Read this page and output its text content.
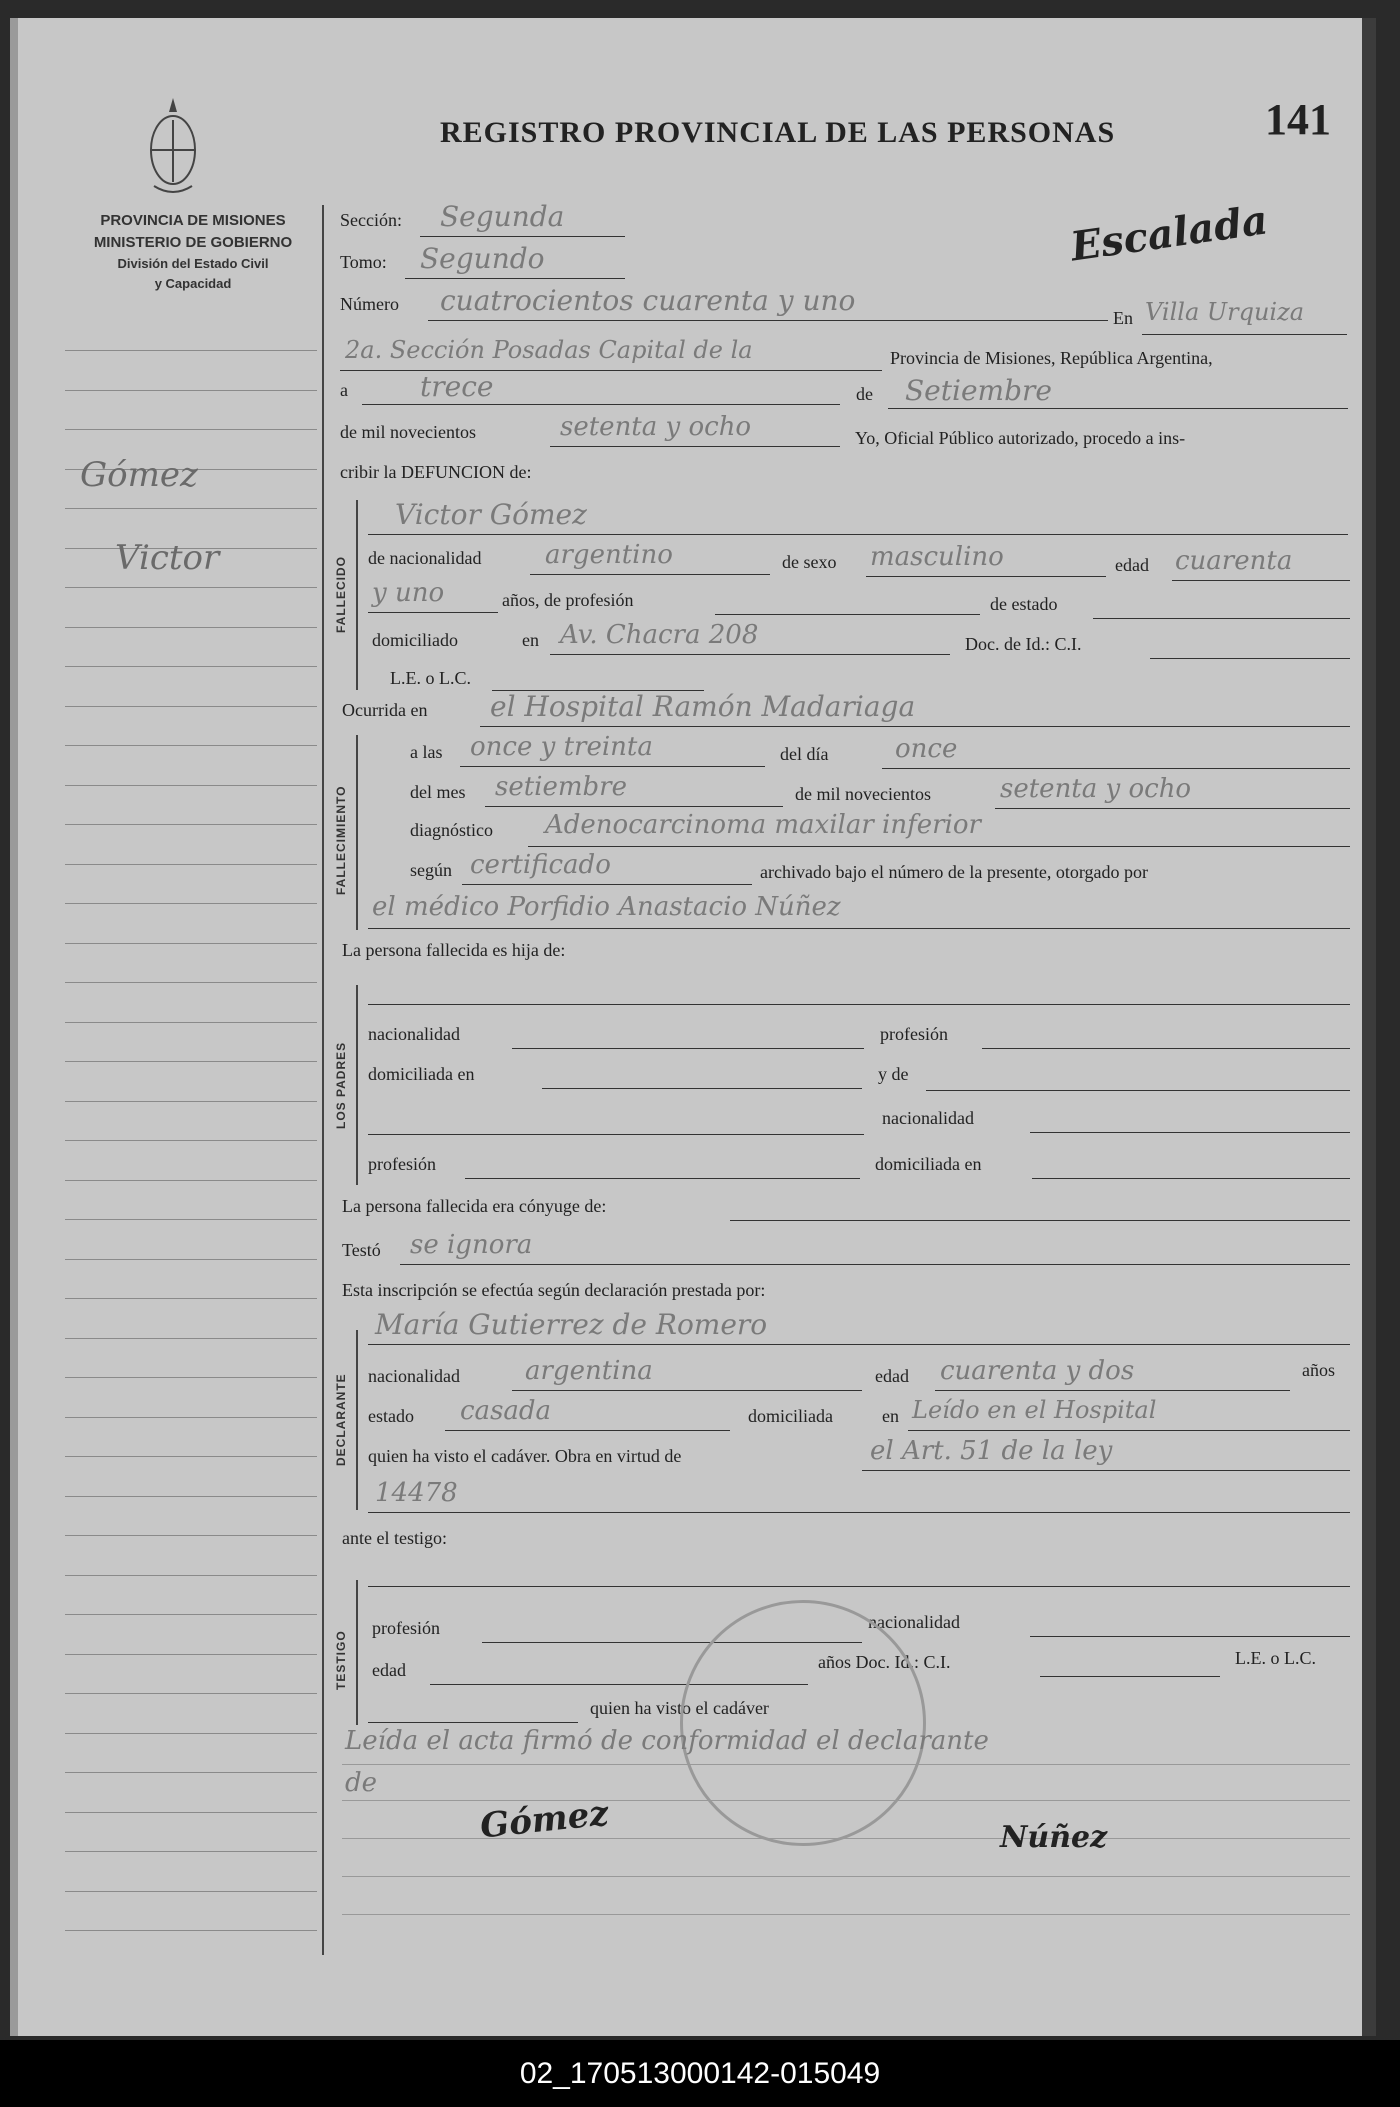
REGISTRO PROVINCIAL DE LAS PERSONAS	141
Escalada
PROVINCIA DE MISIONES
MINISTERIO DE GOBIERNO
División del Estado Civil
y Capacidad
Gómez
Victor	FALLECIDO
FALLECIMIENTO
LOS PADRES
DECLARANTE
TESTIGO
Sección: Segunda
Tomo: Segundo
Número cuatrocientos cuarenta y uno
En Villa Urquiza
2a. Sección Posadas Capital de la	Provincia de Misiones, República Argentina,
a	trece	de Setiembre
de mil novecientos	setenta y ocho	Yo, Oficial Público autorizado, procedo a ins-
cribir la DEFUNCION de:
Victor Gómez
de nacionalidad argentino	de sexo masculino	edad cuarenta
y uno	años, de profesión	de estado
domiciliado	en Av. Chacra 208	Doc. de Id.: C.I.
L.E. o L.C.
Ocurrida en el Hospital Ramón Madariaga
a las once y treinta	del día	once
del mes setiembre	de mil novecientos	setenta y ocho
diagnóstico Adenocarcinoma maxilar inferior
según certificado	archivado bajo el número de la presente, otorgado por
el médico Porfidio Anastacio Núñez
La persona fallecida es hija de:
nacionalidad	profesión
domiciliada en	y de
nacionalidad
profesión	domiciliada en
La persona fallecida era cónyuge de:
Testó se ignora
Esta inscripción se efectúa según declaración prestada por:
María Gutierrez de Romero
nacionalidad	argentina	edad cuarenta y dos	años
estado casada	domiciliada	en Leído en el Hospital
quien ha visto el cadáver. Obra en virtud de	el Art. 51 de la ley
14478
ante el testigo:
profesión	nacionalidad
edad	años Doc. Id.: C.I.	L.E. o L.C.
quien ha visto el cadáver
Leída el acta firmó de conformidad el declarante
de
Gómez	Núñez
02_170513000142-015049
